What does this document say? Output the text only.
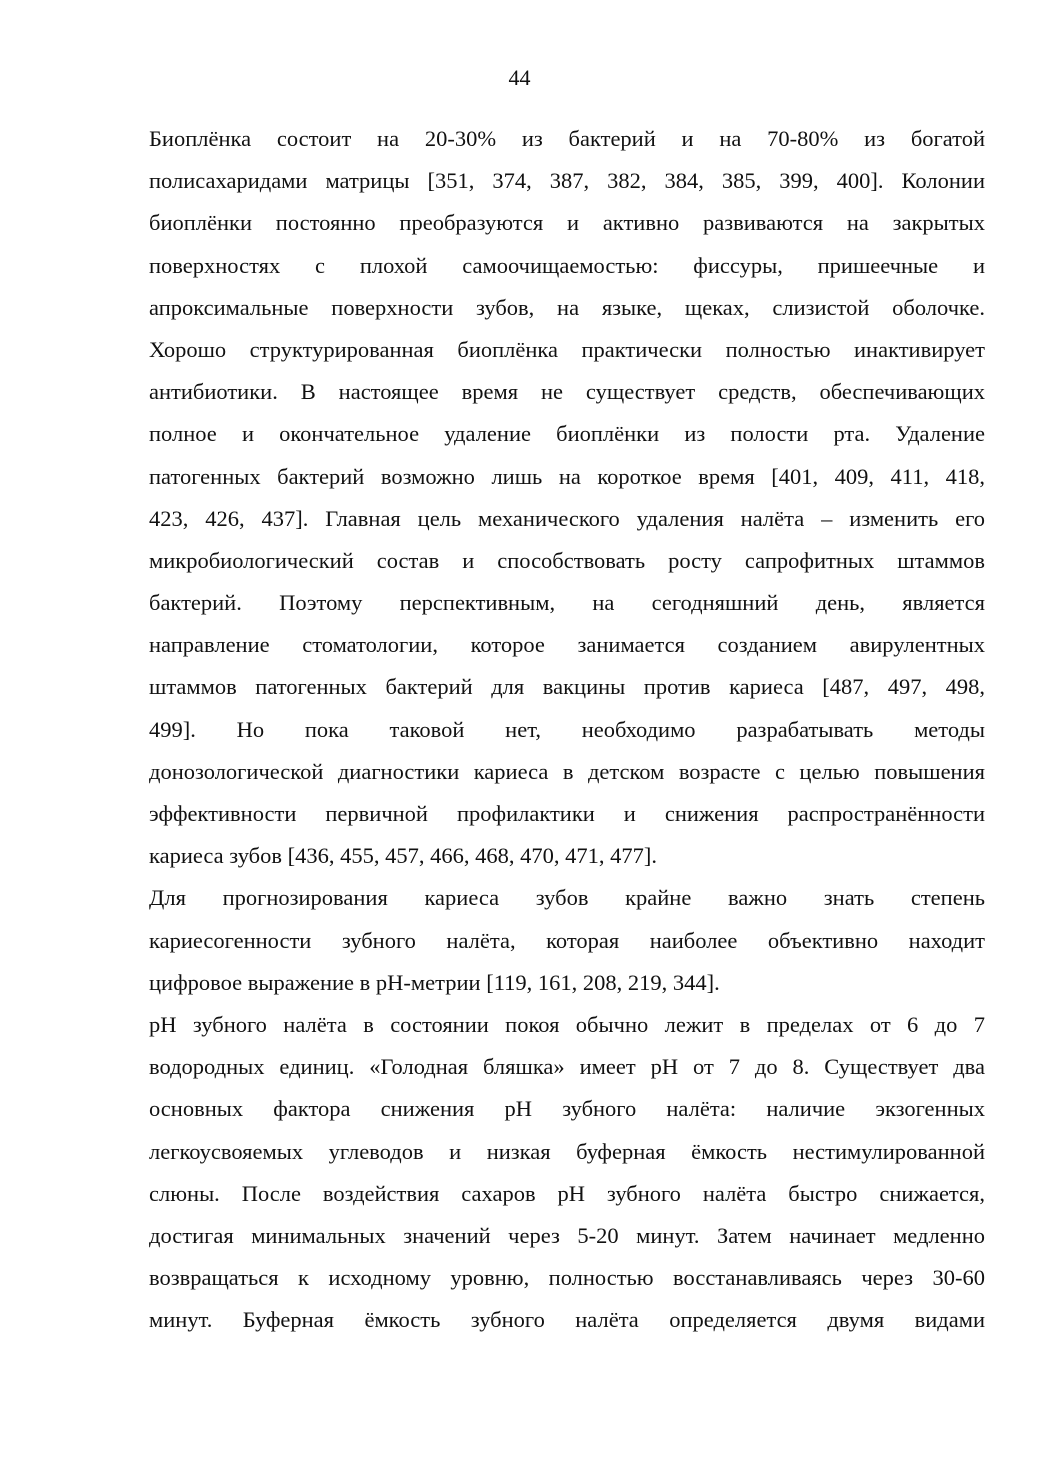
44
Биоплёнка состоит на 20-30% из бактерий и на 70-80% из богатой
полисахаридами матрицы [351, 374, 387, 382, 384, 385, 399, 400]. Колонии
биоплёнки постоянно преобразуются и активно развиваются на закрытых
поверхностях с плохой самоочищаемостью: фиссуры, пришеечные и
апроксимальные поверхности зубов, на языке, щеках, слизистой оболочке.
Хорошо структурированная биоплёнка практически полностью инактивирует
антибиотики. В настоящее время не существует средств, обеспечивающих
полное и окончательное удаление биоплёнки из полости рта. Удаление
патогенных бактерий возможно лишь на короткое время [401, 409, 411, 418,
423, 426, 437]. Главная цель механического удаления налёта – изменить его
микробиологический состав и способствовать росту сапрофитных штаммов
бактерий. Поэтому перспективным, на сегодняшний день, является
направление стоматологии, которое занимается созданием авирулентных
штаммов патогенных бактерий для вакцины против кариеса [487, 497, 498,
499]. Но пока таковой нет, необходимо разрабатывать методы
донозологической диагностики кариеса в детском возрасте с целью повышения
эффективности первичной профилактики и снижения распространённости
кариеса зубов [436, 455, 457, 466, 468, 470, 471, 477].
Для прогнозирования кариеса зубов крайне важно знать степень
кариесогенности зубного налёта, которая наиболее объективно находит
цифровое выражение в рН-метрии [119, 161, 208, 219, 344].
рН зубного налёта в состоянии покоя обычно лежит в пределах от 6 до 7
водородных единиц. «Голодная бляшка» имеет рН от 7 до 8. Существует два
основных фактора снижения рН зубного налёта: наличие экзогенных
легкоусвояемых углеводов и низкая буферная ёмкость нестимулированной
слюны. После воздействия сахаров рН зубного налёта быстро снижается,
достигая минимальных значений через 5-20 минут. Затем начинает медленно
возвращаться к исходному уровню, полностью восстанавливаясь через 30-60
минут. Буферная ёмкость зубного налёта определяется двумя видами
